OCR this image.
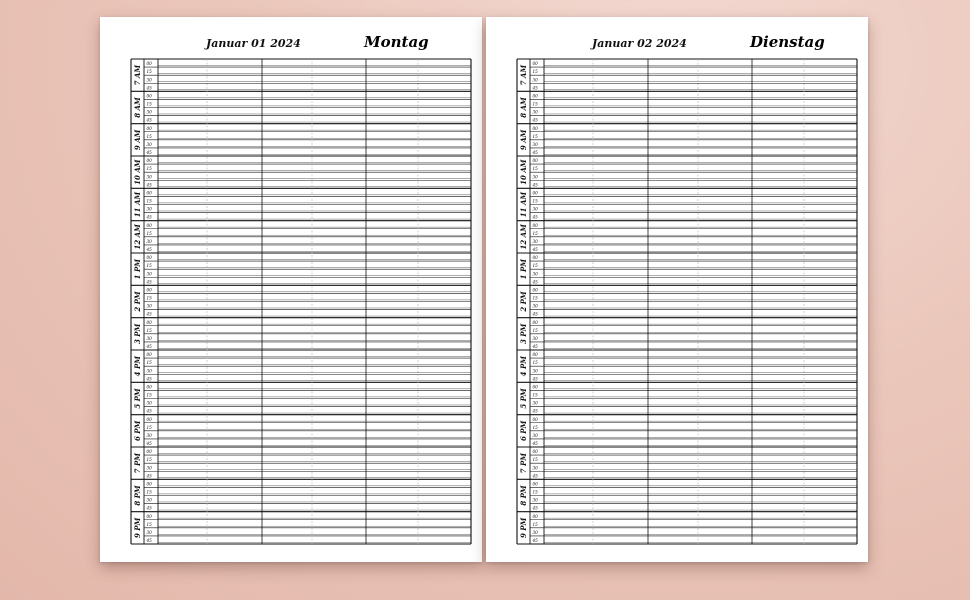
Januar 01 2024	Montag
00
15
30
45
7 AM
00
15
30
45
8 AM
00
15
30
45
9 AM
00
15
30
45
10 AM
00
15
30
45
11 AM
00
15
30
45
12 AM
00
15
30
45
1 PM
00
15
30
45
2 PM
00
15
30
45
3 PM
00
15
30
45
4 PM
00
15
30
45
5 PM
00
15
30
45
6 PM
00
15
30
45
7 PM
00
15
30
45
8 PM
00
15
30
45
9 PM
Januar 02 2024	Dienstag
00
15
30
45
7 AM
00
15
30
45
8 AM
00
15
30
45
9 AM
00
15
30
45
10 AM
00
15
30
45
11 AM
00
15
30
45
12 AM
00
15
30
45
1 PM
00
15
30
45
2 PM
00
15
30
45
3 PM
00
15
30
45
4 PM
00
15
30
45
5 PM
00
15
30
45
6 PM
00
15
30
45
7 PM
00
15
30
45
8 PM
00
15
30
45
9 PM
